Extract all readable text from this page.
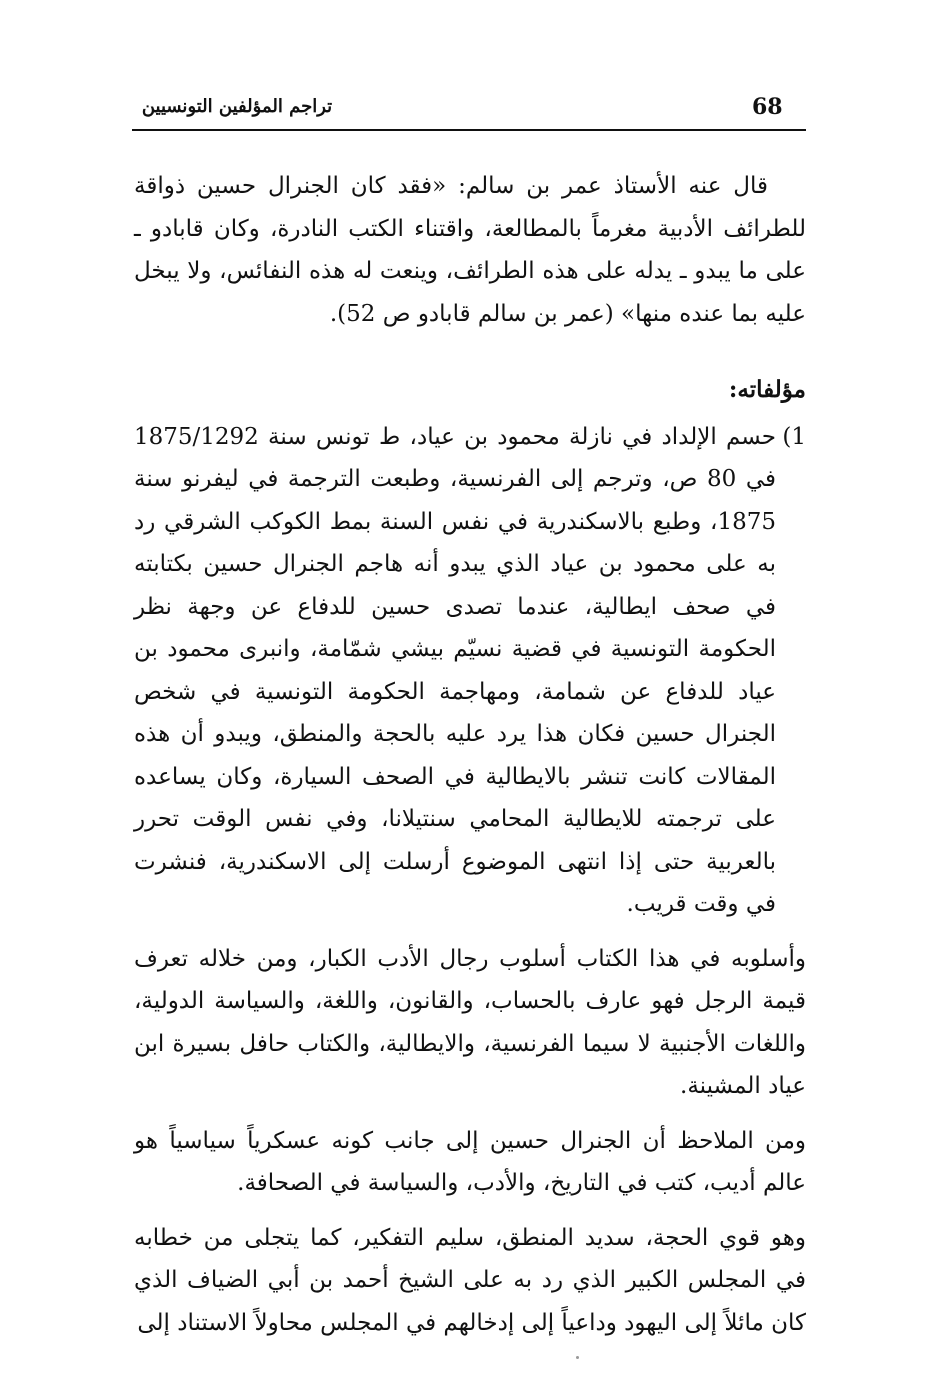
68
تراجم المؤلفين التونسيين

قال عنه الأستاذ عمر بن سالم: «فقد كان الجنرال حسين ذواقة للطرائف الأدبية مغرماً بالمطالعة، واقتناء الكتب النادرة، وكان قابادو ـ على ما يبدو ـ يدله على هذه الطرائف، وينعت له هذه النفائس، ولا يبخل عليه بما عنده منها» (عمر بن سالم قابادو ص 52).

مؤلفاته:
1)

حسم الإلداد في نازلة محمود بن عياد، ط تونس سنة 1875/1292 في 80 ص، وترجم إلى الفرنسية، وطبعت الترجمة في ليفرنو سنة 1875، وطبع بالاسكندرية في نفس السنة بمط الكوكب الشرقي رد به على محمود بن عياد الذي يبدو أنه هاجم الجنرال حسين بكتابته في صحف ايطالية، عندما تصدى حسين للدفاع عن وجهة نظر الحكومة التونسية في قضية نسيّم بيشي شمّامة، وانبرى محمود بن عياد للدفاع عن شمامة، ومهاجمة الحكومة التونسية في شخص الجنرال حسين فكان هذا يرد عليه بالحجة والمنطق، ويبدو أن هذه المقالات كانت تنشر بالايطالية في الصحف السيارة، وكان يساعده على ترجمته للايطالية المحامي سنتيلانا، وفي نفس الوقت تحرر بالعربية حتى إذا انتهى الموضوع أرسلت إلى الاسكندرية، فنشرت في وقت قريب.

وأسلوبه في هذا الكتاب أسلوب رجال الأدب الكبار، ومن خلاله تعرف قيمة الرجل فهو عارف بالحساب، والقانون، واللغة، والسياسة الدولية، واللغات الأجنبية لا سيما الفرنسية، والايطالية، والكتاب حافل بسيرة ابن عياد المشينة.

ومن الملاحظ أن الجنرال حسين إلى جانب كونه عسكرياً سياسياً هو عالم أديب، كتب في التاريخ، والأدب، والسياسة في الصحافة.

وهو قوي الحجة، سديد المنطق، سليم التفكير، كما يتجلى من خطابه في المجلس الكبير الذي رد به على الشيخ أحمد بن أبي الضياف الذي كان مائلاً إلى اليهود وداعياً إلى إدخالهم في المجلس محاولاً الاستناد إلى
